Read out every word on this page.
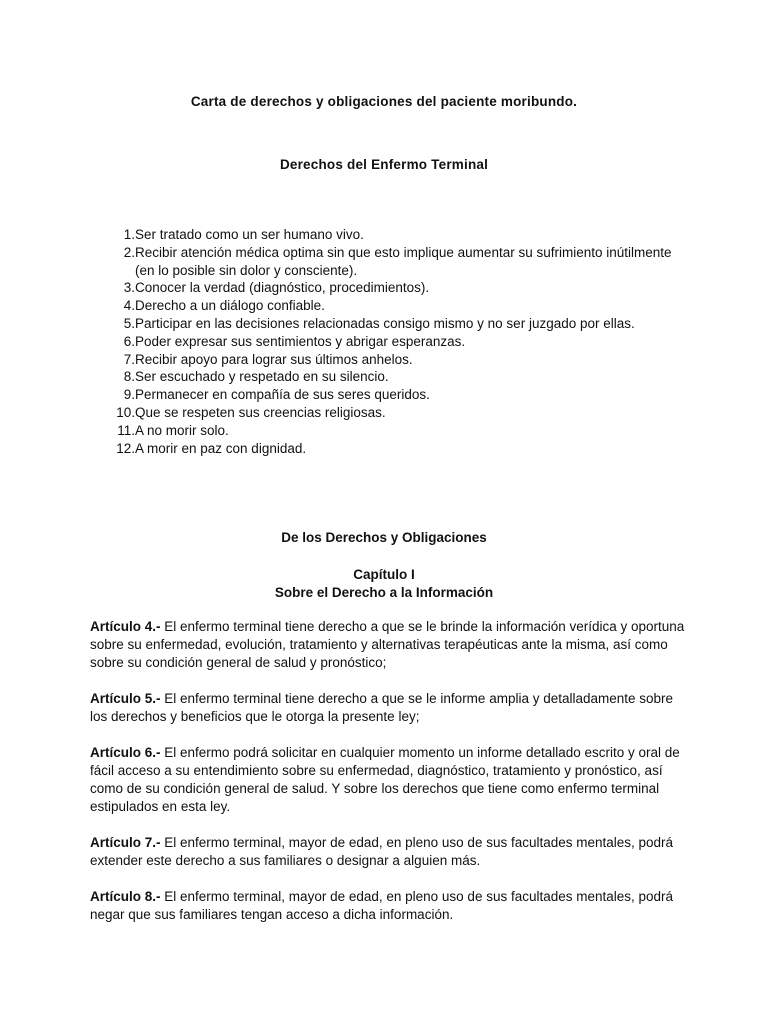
Carta de derechos y obligaciones del paciente moribundo.
Derechos del Enfermo Terminal
1. Ser tratado como un ser humano vivo.
2. Recibir atención médica optima sin que esto implique aumentar su sufrimiento inútilmente (en lo posible sin dolor y consciente).
3. Conocer la verdad (diagnóstico, procedimientos).
4. Derecho a un diálogo confiable.
5. Participar en las decisiones relacionadas consigo mismo y no ser juzgado por ellas.
6. Poder expresar sus sentimientos y abrigar esperanzas.
7. Recibir apoyo para lograr sus últimos anhelos.
8. Ser escuchado y respetado en su silencio.
9. Permanecer en compañía de sus seres queridos.
10. Que se respeten sus creencias religiosas.
11. A no morir solo.
12. A morir en paz con dignidad.
De los Derechos y Obligaciones
Capítulo I
Sobre el Derecho a la Información

Artículo 4.- El enfermo terminal tiene derecho a que se le brinde la información verídica y oportuna sobre su enfermedad, evolución, tratamiento y alternativas terapéuticas ante la misma, así como sobre su condición general de salud y pronóstico;

Artículo 5.- El enfermo terminal tiene derecho a que se le informe amplia y detalladamente sobre los derechos y beneficios que le otorga la presente ley;

Artículo 6.- El enfermo podrá solicitar en cualquier momento un informe detallado escrito y oral de fácil acceso a su entendimiento sobre su enfermedad, diagnóstico, tratamiento y pronóstico, así como de su condición general de salud. Y sobre los derechos que tiene como enfermo terminal estipulados en esta ley.

Artículo 7.- El enfermo terminal, mayor de edad, en pleno uso de sus facultades mentales, podrá extender este derecho a sus familiares o designar a alguien más.

Artículo 8.- El enfermo terminal, mayor de edad, en pleno uso de sus facultades mentales, podrá negar que sus familiares tengan acceso a dicha información.
